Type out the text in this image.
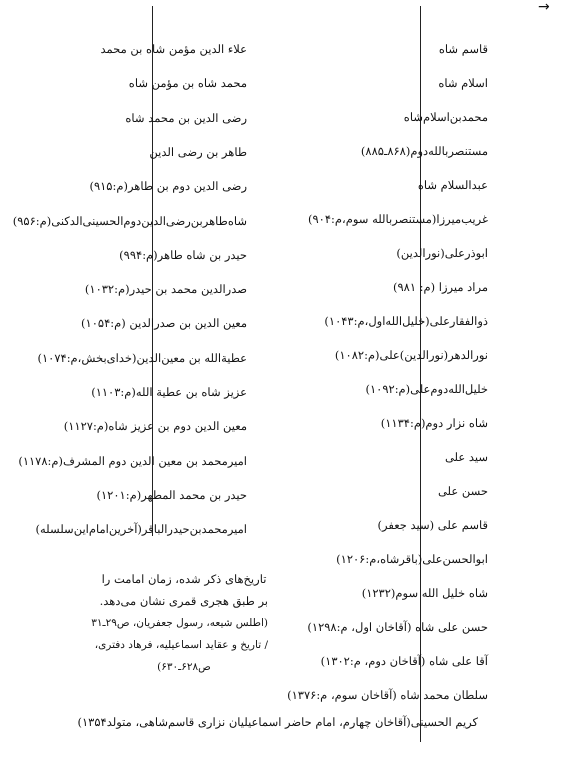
→
قاسم شاه
اسلام شاه
محمدبن‌اسلام‌شاه
مستنصربالله‌دوم(۸۶۸ـ۸۸۵)
عبدالسلام شاه
غریب‌میرزا(مستنصربالله سوم،م:۹۰۴)
ابوذرعلی(نورالدین)
مراد میرزا (م: ۹۸۱)
ذوالفقارعلی(خلیل‌الله‌اول،م:۱۰۴۳)
نورالدهر(نورالدین)علی(م:۱۰۸۲)
خلیل‌الله‌دوم‌علی(م:۱۰۹۲)
شاه نزار دوم(م:۱۱۳۴)
سید علی
حسن علی
قاسم علی (سید جعفر)
ابوالحسن‌علی(باقرشاه،م:۱۲۰۶)
شاه خلیل الله سوم(۱۲۳۲)
حسن علی شاه (آقاخان اول، م:۱۲۹۸)
آقا علی شاه (آقاخان دوم، م:۱۳۰۲)
سلطان محمد شاه (آقاخان سوم، م:۱۳۷۶)
علاء الدین مؤمن شاه بن محمد
محمد شاه بن مؤمن شاه
رضی الدین بن محمد شاه
طاهر بن رضی الدین
رضی الدین دوم بن طاهر(م:۹۱۵)
شاه‌طاهربن‌رضی‌الدین‌دوم‌الحسینی‌الدکنی(م:۹۵۶)
حیدر بن شاه طاهر(م:۹۹۴)
صدرالدین محمد بن حیدر(م:۱۰۳۲)
معین الدین بن صدرالدین (م:۱۰۵۴)
عطیةالله بن معین‌الدین(خدای‌بخش،م:۱۰۷۴)
عزیز شاه بن عطیة الله(م:۱۱۰۳)
معین الدین دوم بن عزیز شاه(م:۱۱۲۷)
امیرمحمد بن معین الدین دوم المشرف(م:۱۱۷۸)
حیدر بن محمد المطهر(م:۱۲۰۱)
امیرمحمدبن‌حیدرالباقر(آخرین‌امام‌این‌سلسله)
تاریخ‌های ذکر شده، زمان امامت را
بر طبق هجری قمری نشان می‌دهد.
(اطلس شیعه، رسول جعفریان، ص۲۹ـ۳۱
/ تاریخ و عقاید اسماعیلیه، فرهاد دفتری،
ص۶۲۸ـ۶۳۰)
کریم الحسینی(آقاخان چهارم، امام حاضر اسماعیلیان نزاری قاسم‌شاهی، متولد۱۳۵۴)
